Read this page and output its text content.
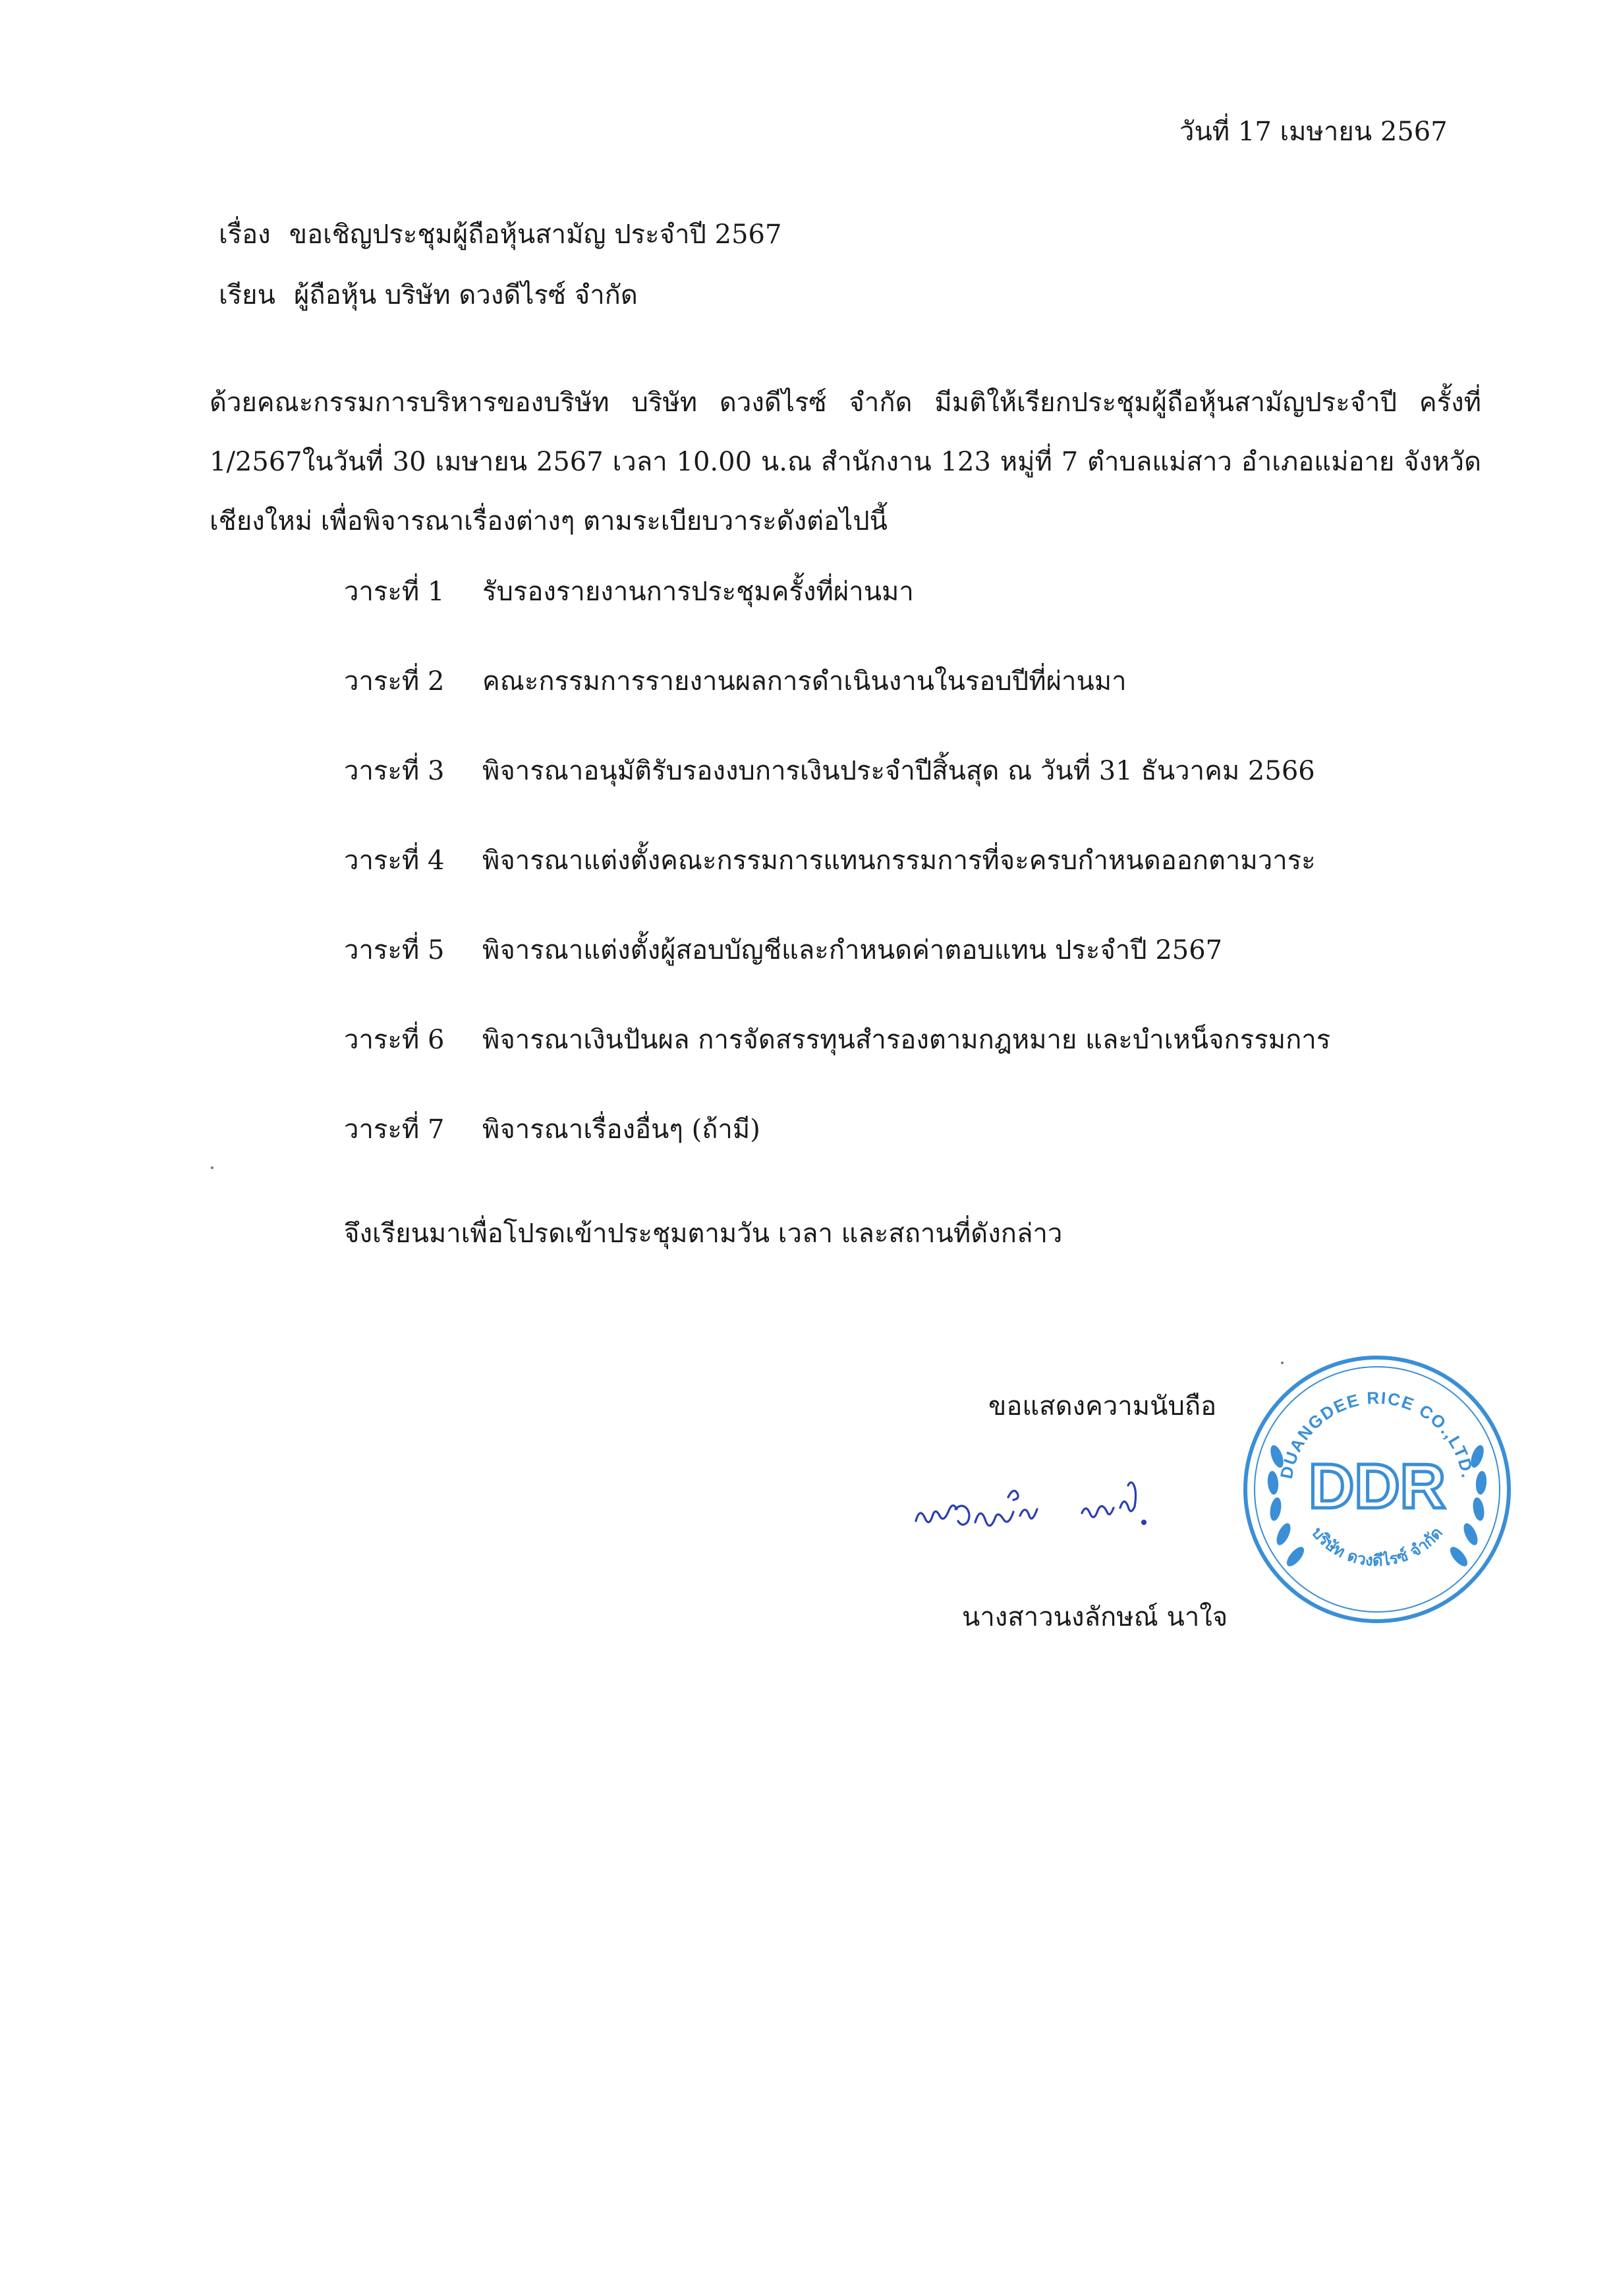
วันที่ 17 เมษายน 2567
เรื่อง ขอเชิญประชุมผู้ถือหุ้นสามัญ ประจำปี 2567
เรียน ผู้ถือหุ้น บริษัท ดวงดีไรซ์ จำกัด
ด้วยคณะกรรมการบริหารของบริษัท บริษัท ดวงดีไรซ์ จำกัด มีมติให้เรียกประชุมผู้ถือหุ้นสามัญประจำปี ครั้งที่ 1/2567ในวันที่ 30 เมษายน 2567 เวลา 10.00 น.ณ สำนักงาน 123 หมู่ที่ 7 ตำบลแม่สาว อำเภอแม่อาย จังหวัดเชียงใหม่ เพื่อพิจารณาเรื่องต่างๆ ตามระเบียบวาระดังต่อไปนี้
วาระที่ 1 รับรองรายงานการประชุมครั้งที่ผ่านมา
วาระที่ 2 คณะกรรมการรายงานผลการดำเนินงานในรอบปีที่ผ่านมา
วาระที่ 3 พิจารณาอนุมัติรับรองงบการเงินประจำปีสิ้นสุด ณ วันที่ 31 ธันวาคม 2566
วาระที่ 4 พิจารณาแต่งตั้งคณะกรรมการแทนกรรมการที่จะครบกำหนดออกตามวาระ
วาระที่ 5 พิจารณาแต่งตั้งผู้สอบบัญชีและกำหนดค่าตอบแทน ประจำปี 2567
วาระที่ 6 พิจารณาเงินปันผล การจัดสรรทุนสำรองตามกฎหมาย และบำเหน็จกรรมการ
วาระที่ 7 พิจารณาเรื่องอื่นๆ (ถ้ามี)
จึงเรียนมาเพื่อโปรดเข้าประชุมตามวัน เวลา และสถานที่ดังกล่าว
ขอแสดงความนับถือ
นางสาวนงลักษณ์ นาใจ
DUANGDEE RICE CO.,LTD.
DDR
บริษัท ดวงดีไรซ์ จำกัด
